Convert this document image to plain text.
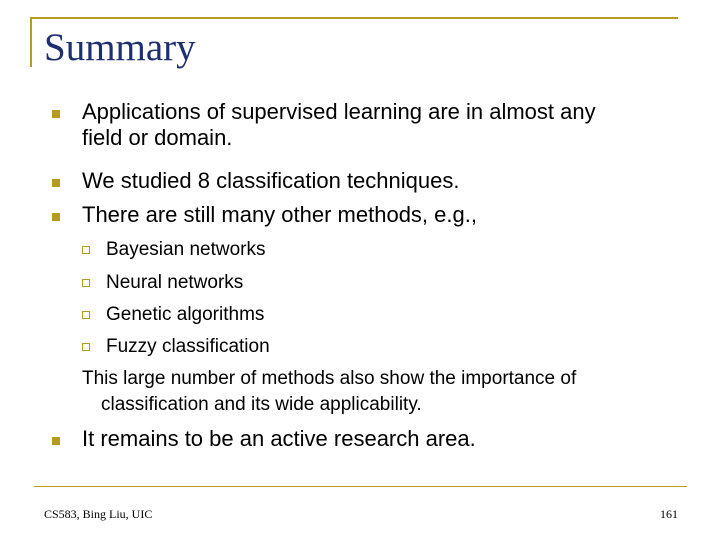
Summary
Applications of supervised learning are in almost any
field or domain.
We studied 8 classification techniques.
There are still many other methods, e.g.,
Bayesian networks
Neural networks
Genetic algorithms
Fuzzy classification
This large number of methods also show the importance of
classification and its wide applicability.
It remains to be an active research area.
CS583, Bing Liu, UIC	161
